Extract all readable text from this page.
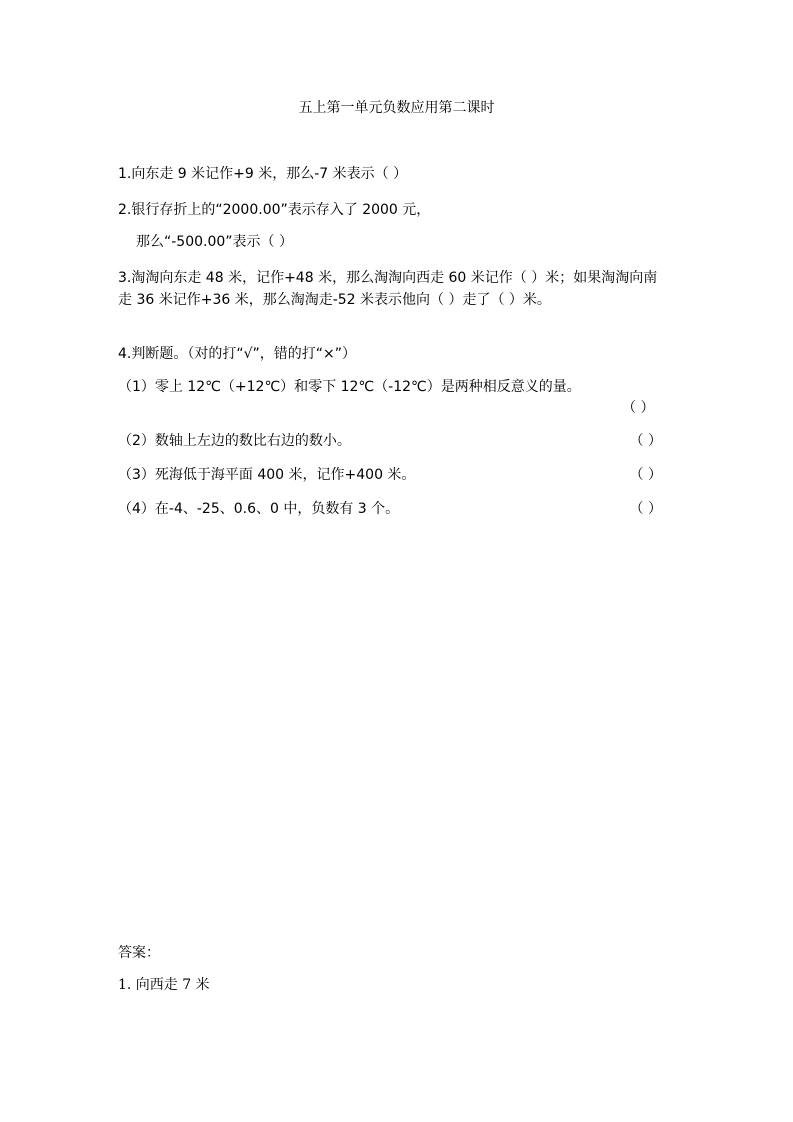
五上第一单元负数应用第二课时
1.向东走 9 米记作+9 米，那么-7 米表示（ ）
2.银行存折上的“2000.00”表示存入了 2000 元，
那么“-500.00”表示（ ）
3.淘淘向东走 48 米，记作+48 米，那么淘淘向西走 60 米记作（ ）米；如果淘淘向南走 36 米记作+36 米，那么淘淘走-52 米表示他向（ ）走了（ ）米。
4.判断题。（对的打“√”，错的打“×”）
（1）零上 12℃（+12℃）和零下 12℃（-12℃）是两种相反意义的量。
（ ）
（2）数轴上左边的数比右边的数小。	（ ）
（3）死海低于海平面 400 米，记作+400 米。	（ ）
（4）在-4、-25、0.6、0 中，负数有 3 个。	（ ）
答案：
1. 向西走 7 米
